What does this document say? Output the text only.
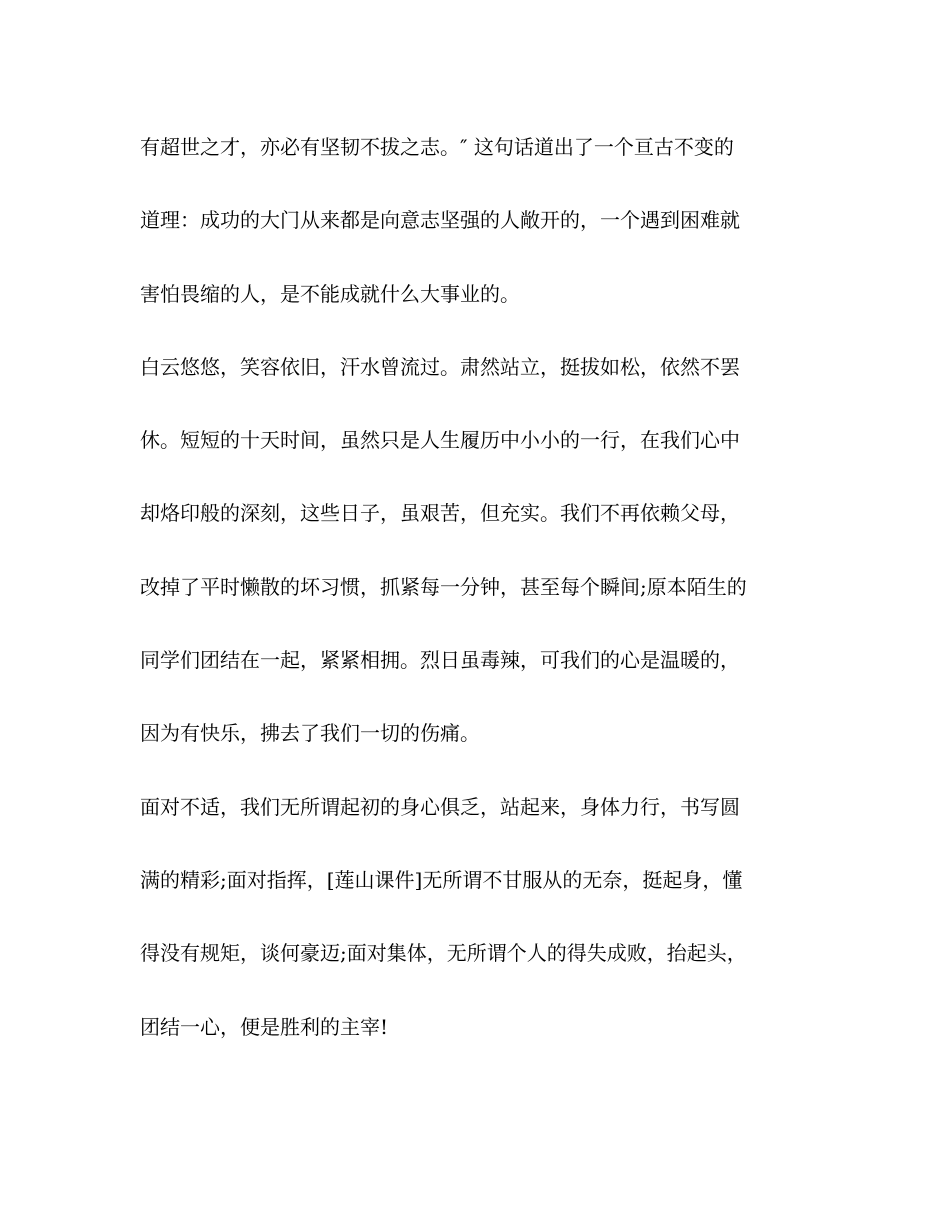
有超世之才，亦必有坚韧不拔之志。″ 这句话道出了一个亘古不变的
道理：成功的大门从来都是向意志坚强的人敞开的，一个遇到困难就
害怕畏缩的人，是不能成就什么大事业的。
白云悠悠，笑容依旧，汗水曾流过。肃然站立，挺拔如松，依然不罢
休。短短的十天时间，虽然只是人生履历中小小的一行，在我们心中
却烙印般的深刻，这些日子，虽艰苦，但充实。我们不再依赖父母，
改掉了平时懒散的坏习惯，抓紧每一分钟，甚至每个瞬间;原本陌生的
同学们团结在一起，紧紧相拥。烈日虽毒辣，可我们的心是温暖的，
因为有快乐，拂去了我们一切的伤痛。
面对不适，我们无所谓起初的身心俱乏，站起来，身体力行，书写圆
满的精彩;面对指挥，[莲山课件]无所谓不甘服从的无奈，挺起身，懂
得没有规矩，谈何豪迈;面对集体，无所谓个人的得失成败，抬起头，
团结一心，便是胜利的主宰!
